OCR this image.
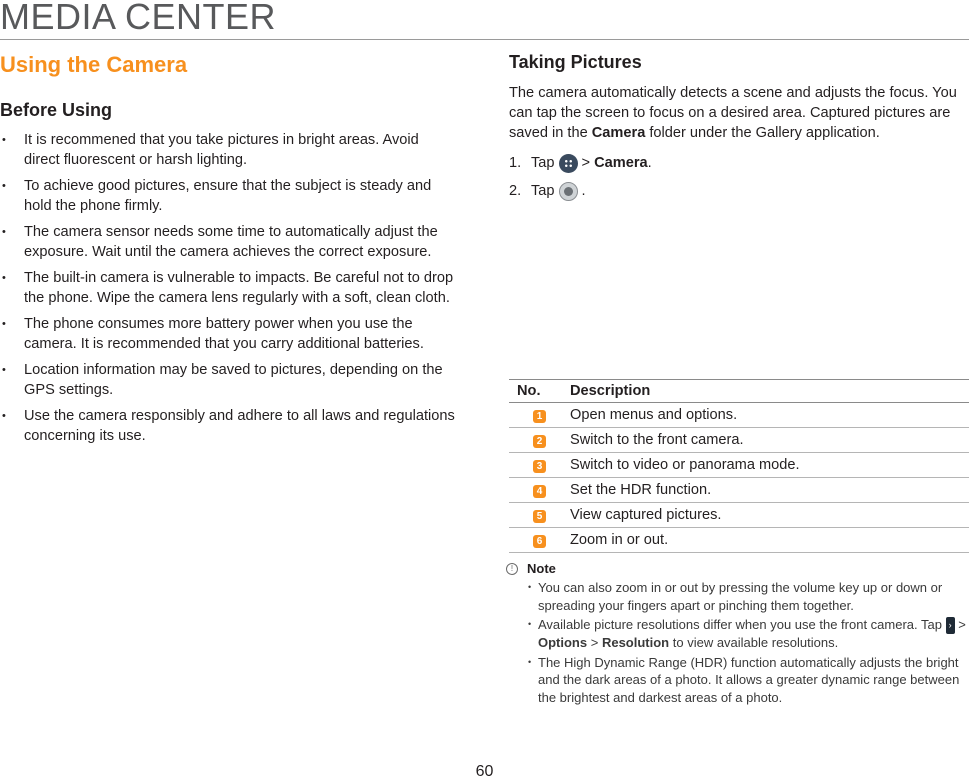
MEDIA CENTER
Using the Camera
Before Using
• It is recommened that you take pictures in bright areas. Avoid direct fluorescent or harsh lighting.
• To achieve good pictures, ensure that the subject is steady and hold the phone firmly.
• The camera sensor needs some time to automatically adjust the exposure. Wait until the camera achieves the correct exposure.
• The built-in camera is vulnerable to impacts. Be careful not to drop the phone. Wipe the camera lens regularly with a soft, clean cloth.
• The phone consumes more battery power when you use the camera. It is recommended that you carry additional batteries.
• Location information may be saved to pictures, depending on the GPS settings.
• Use the camera responsibly and adhere to all laws and regulations concerning its use.
Taking Pictures

The camera automatically detects a scene and adjusts the focus. You can tap the screen to focus on a desired area. Captured pictures are saved in the Camera folder under the Gallery application.

1. Tap >
Camera .
2. Tap .
No.	Description
1	Open menus and options.
2	Switch to the front camera.
3	Switch to video or panorama mode.
4	Set the HDR function.
5	View captured pictures.
6	Zoom in or out.
!	Note
• You can also zoom in or out by pressing the volume key up or down or spreading your fingers apart or pinching them together.
• Available picture resolutions differ when you use the front camera. Tap › > Options > Resolution to view available resolutions.
• The High Dynamic Range (HDR) function automatically adjusts the bright and the dark areas of a photo. It allows a greater dynamic range between the brightest and darkest areas of a photo.
60
